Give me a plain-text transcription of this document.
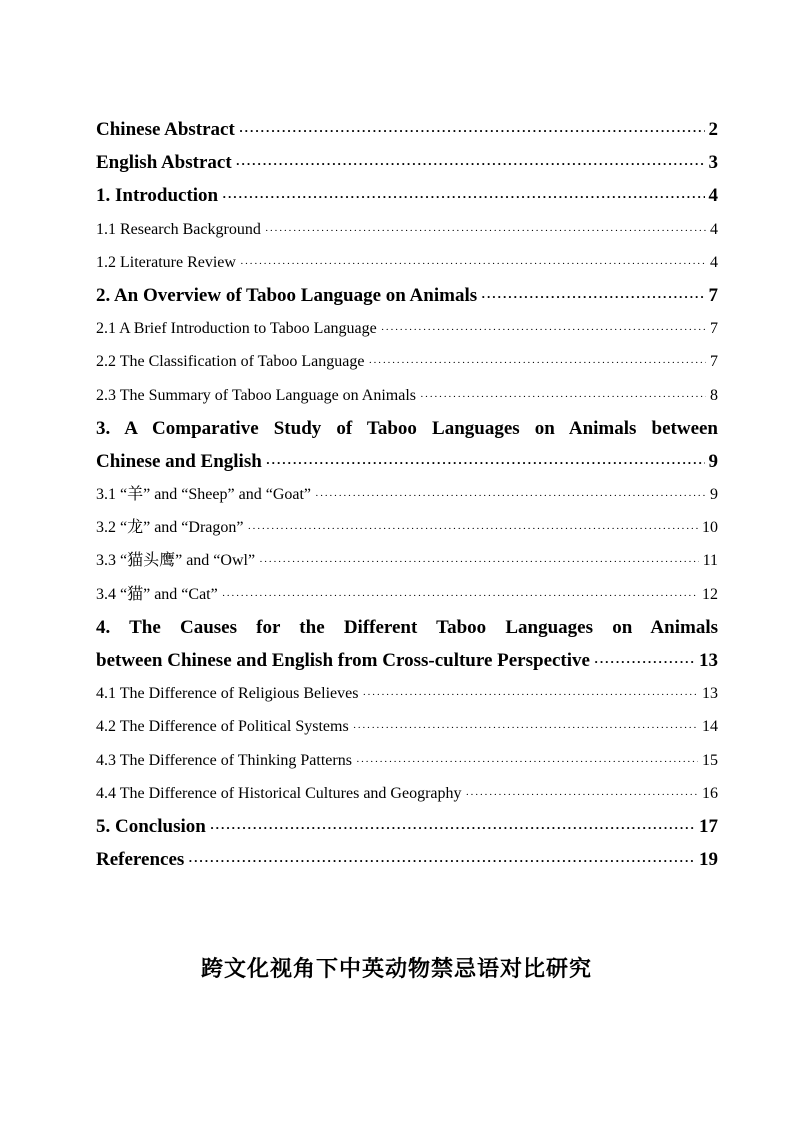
Chinese Abstract ·····	2
English Abstract ·····	3
1. Introduction ·····	4
1.1 Research Background ·····	4
1.2 Literature Review ·····	4
2. An Overview of Taboo Language on Animals ·····	7
2.1 A Brief Introduction to Taboo Language ·····	7
2.2 The Classification of Taboo Language ·····	7
2.3 The Summary of Taboo Language on Animals ·····	8
3. A Comparative Study of Taboo Languages on Animals between
Chinese and English ·····	9
3.1 “羊” and “Sheep” and “Goat” ·····	9
3.2 “龙” and “Dragon” ·····	10
3.3 “猫头鹰” and “Owl” ·····	11
3.4 “猫” and “Cat” ·····	12
4. The Causes for the Different Taboo Languages on Animals
between Chinese and English from Cross-culture Perspective ·····	13
4.1 The Difference of Religious Believes ·····	13
4.2 The Difference of Political Systems ·····	14
4.3 The Difference of Thinking Patterns ·····	15
4.4 The Difference of Historical Cultures and Geography ·····	16
5. Conclusion ·····	17
References ·····	19
跨文化视角下中英动物禁忌语对比研究
